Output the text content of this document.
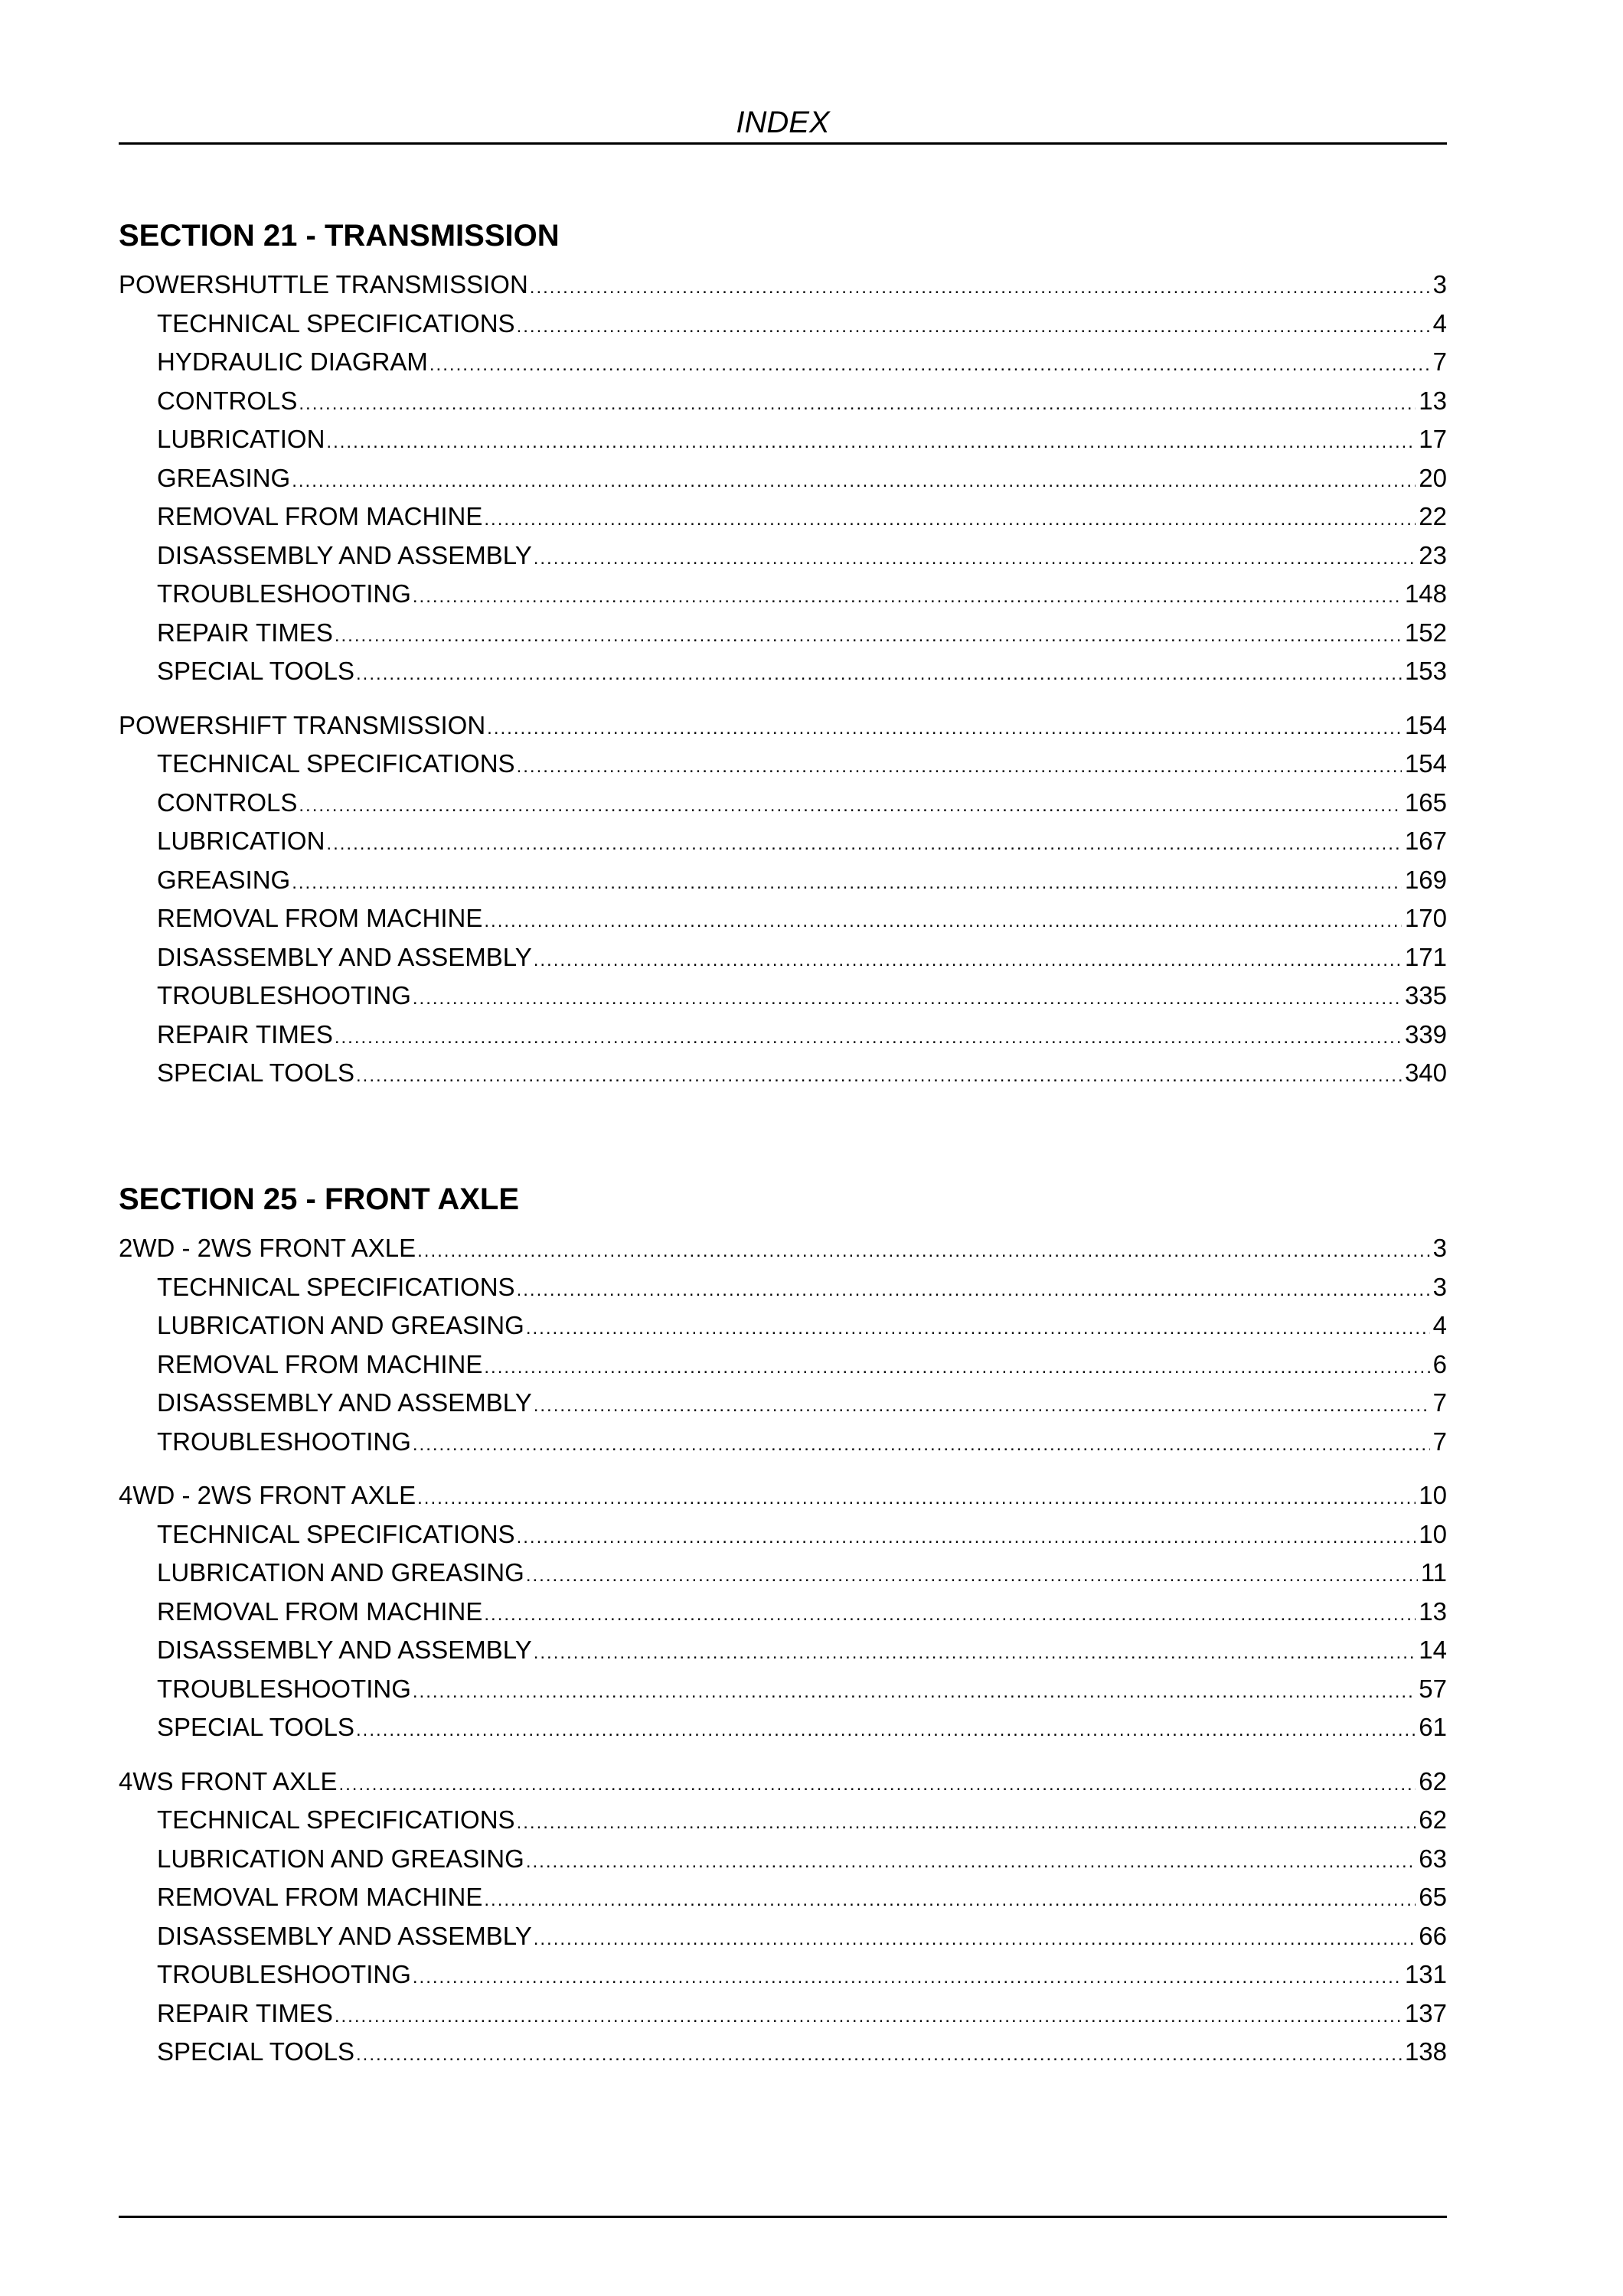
INDEX
SECTION 21 - TRANSMISSION
POWERSHUTTLE TRANSMISSION .....	3
TECHNICAL SPECIFICATIONS .....	4
HYDRAULIC DIAGRAM .....	7
CONTROLS .....	13
LUBRICATION .....	17
GREASING .....	20
REMOVAL FROM MACHINE .....	22
DISASSEMBLY AND ASSEMBLY .....	23
TROUBLESHOOTING .....	148
REPAIR TIMES .....	152
SPECIAL TOOLS .....	153
POWERSHIFT TRANSMISSION .....	154
TECHNICAL SPECIFICATIONS .....	154
CONTROLS .....	165
LUBRICATION .....	167
GREASING .....	169
REMOVAL FROM MACHINE .....	170
DISASSEMBLY AND ASSEMBLY .....	171
TROUBLESHOOTING .....	335
REPAIR TIMES .....	339
SPECIAL TOOLS .....	340
SECTION 25 - FRONT AXLE
2WD - 2WS FRONT AXLE .....	3
TECHNICAL SPECIFICATIONS .....	3
LUBRICATION AND GREASING .....	4
REMOVAL FROM MACHINE .....	6
DISASSEMBLY AND ASSEMBLY .....	7
TROUBLESHOOTING .....	7
4WD - 2WS FRONT AXLE .....	10
TECHNICAL SPECIFICATIONS .....	10
LUBRICATION AND GREASING .....	11
REMOVAL FROM MACHINE .....	13
DISASSEMBLY AND ASSEMBLY .....	14
TROUBLESHOOTING .....	57
SPECIAL TOOLS .....	61
4WS FRONT AXLE .....	62
TECHNICAL SPECIFICATIONS .....	62
LUBRICATION AND GREASING .....	63
REMOVAL FROM MACHINE .....	65
DISASSEMBLY AND ASSEMBLY .....	66
TROUBLESHOOTING .....	131
REPAIR TIMES .....	137
SPECIAL TOOLS .....	138
